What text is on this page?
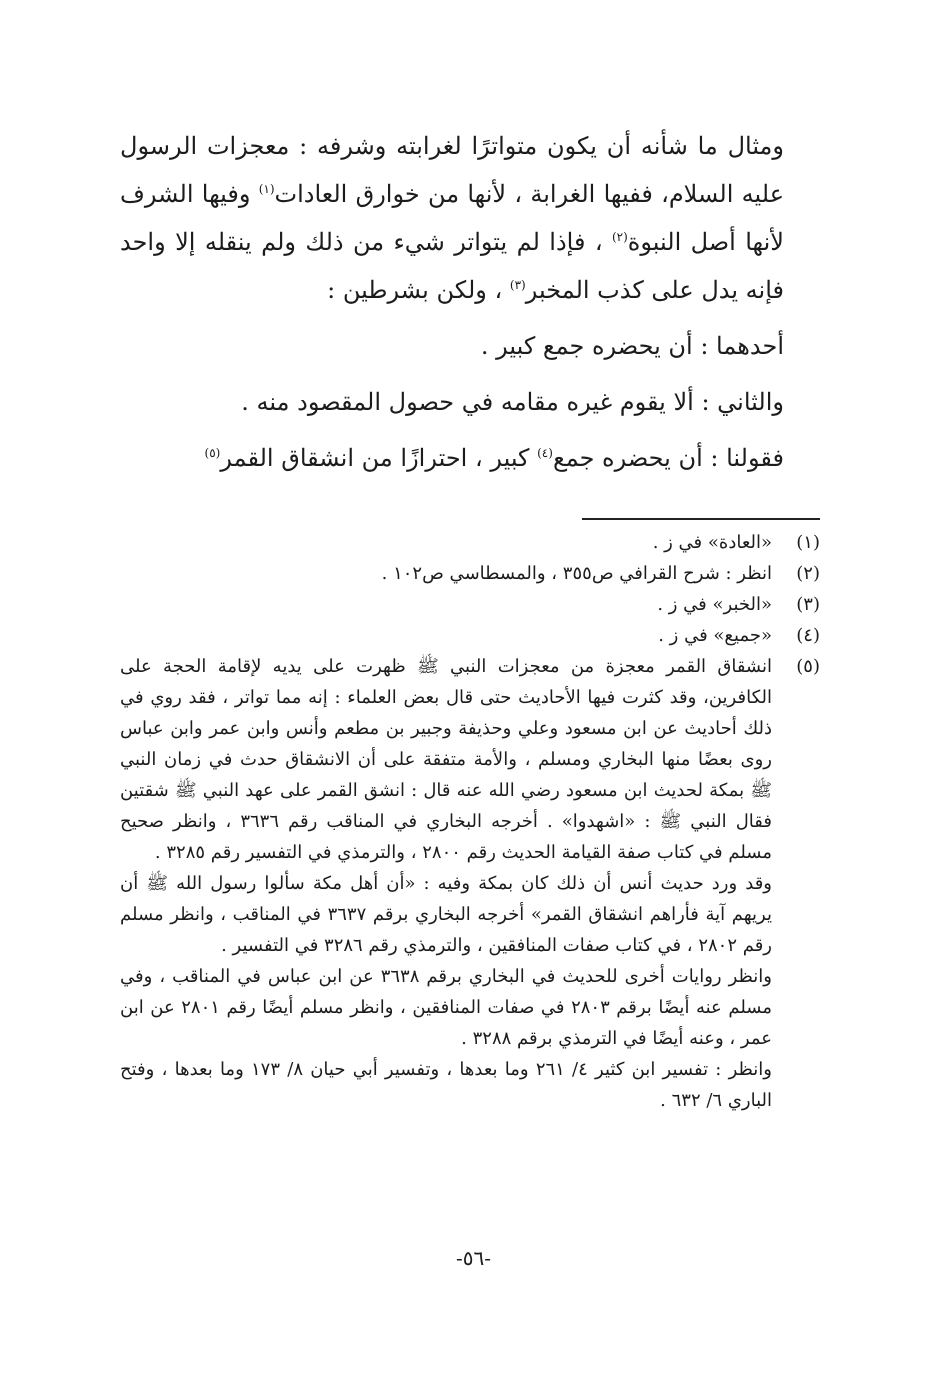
ومثال ما شأنه أن يكون متواترًا لغرابته وشرفه : معجزات الرسول عليه السلام، ففيها الغرابة ، لأنها من خوارق العادات$^{(١)}$ وفيها الشرف لأنها أصل النبوة$^{(٢)}$ ، فإذا لم يتواتر شيء من ذلك ولم ينقله إلا واحد فإنه يدل على كذب المخبر$^{(٣)}$ ، ولكن بشرطين :

أحدهما : أن يحضره جمع كبير .

والثاني : ألا يقوم غيره مقامه في حصول المقصود منه .

فقولنا : أن يحضره جمع$^{(٤)}$ كبير ، احترازًا من انشقاق القمر$^{(٥)}$

(١)
«العادة» في ز .
(٢)
انظر : شرح القرافي ص٣٥٥ ، والمسطاسي ص١٠٢ .
(٣)
«الخبر» في ز .
(٤)
«جميع» في ز .
(٥)

انشقاق القمر معجزة من معجزات النبي ﷺ ظهرت على يديه لإقامة الحجة على الكافرين، وقد كثرت فيها الأحاديث حتى قال بعض العلماء : إنه مما تواتر ، فقد روي في ذلك أحاديث عن ابن مسعود وعلي وحذيفة وجبير بن مطعم وأنس وابن عمر وابن عباس روى بعضًا منها البخاري ومسلم ، والأمة متفقة على أن الانشقاق حدث في زمان النبي ﷺ بمكة لحديث ابن مسعود رضي الله عنه قال : انشق القمر على عهد النبي ﷺ شقتين فقال النبي ﷺ : «اشهدوا» . أخرجه البخاري في المناقب رقم ٣٦٣٦ ، وانظر صحيح مسلم في كتاب صفة القيامة الحديث رقم ٢٨٠٠ ، والترمذي في التفسير رقم ٣٢٨٥ .

وقد ورد حديث أنس أن ذلك كان بمكة وفيه : «أن أهل مكة سألوا رسول الله ﷺ أن يريهم آية فأراهم انشقاق القمر» أخرجه البخاري برقم ٣٦٣٧ في المناقب ، وانظر مسلم رقم ٢٨٠٢ ، في كتاب صفات المنافقين ، والترمذي رقم ٣٢٨٦ في التفسير .

وانظر روايات أخرى للحديث في البخاري برقم ٣٦٣٨ عن ابن عباس في المناقب ، وفي مسلم عنه أيضًا برقم ٢٨٠٣ في صفات المنافقين ، وانظر مسلم أيضًا رقم ٢٨٠١ عن ابن عمر ، وعنه أيضًا في الترمذي برقم ٣٢٨٨ .

وانظر : تفسير ابن كثير ٤/ ٢٦١ وما بعدها ، وتفسير أبي حيان ٨/ ١٧٣ وما بعدها ، وفتح الباري ٦/ ٦٣٢ .

-٥٦-
